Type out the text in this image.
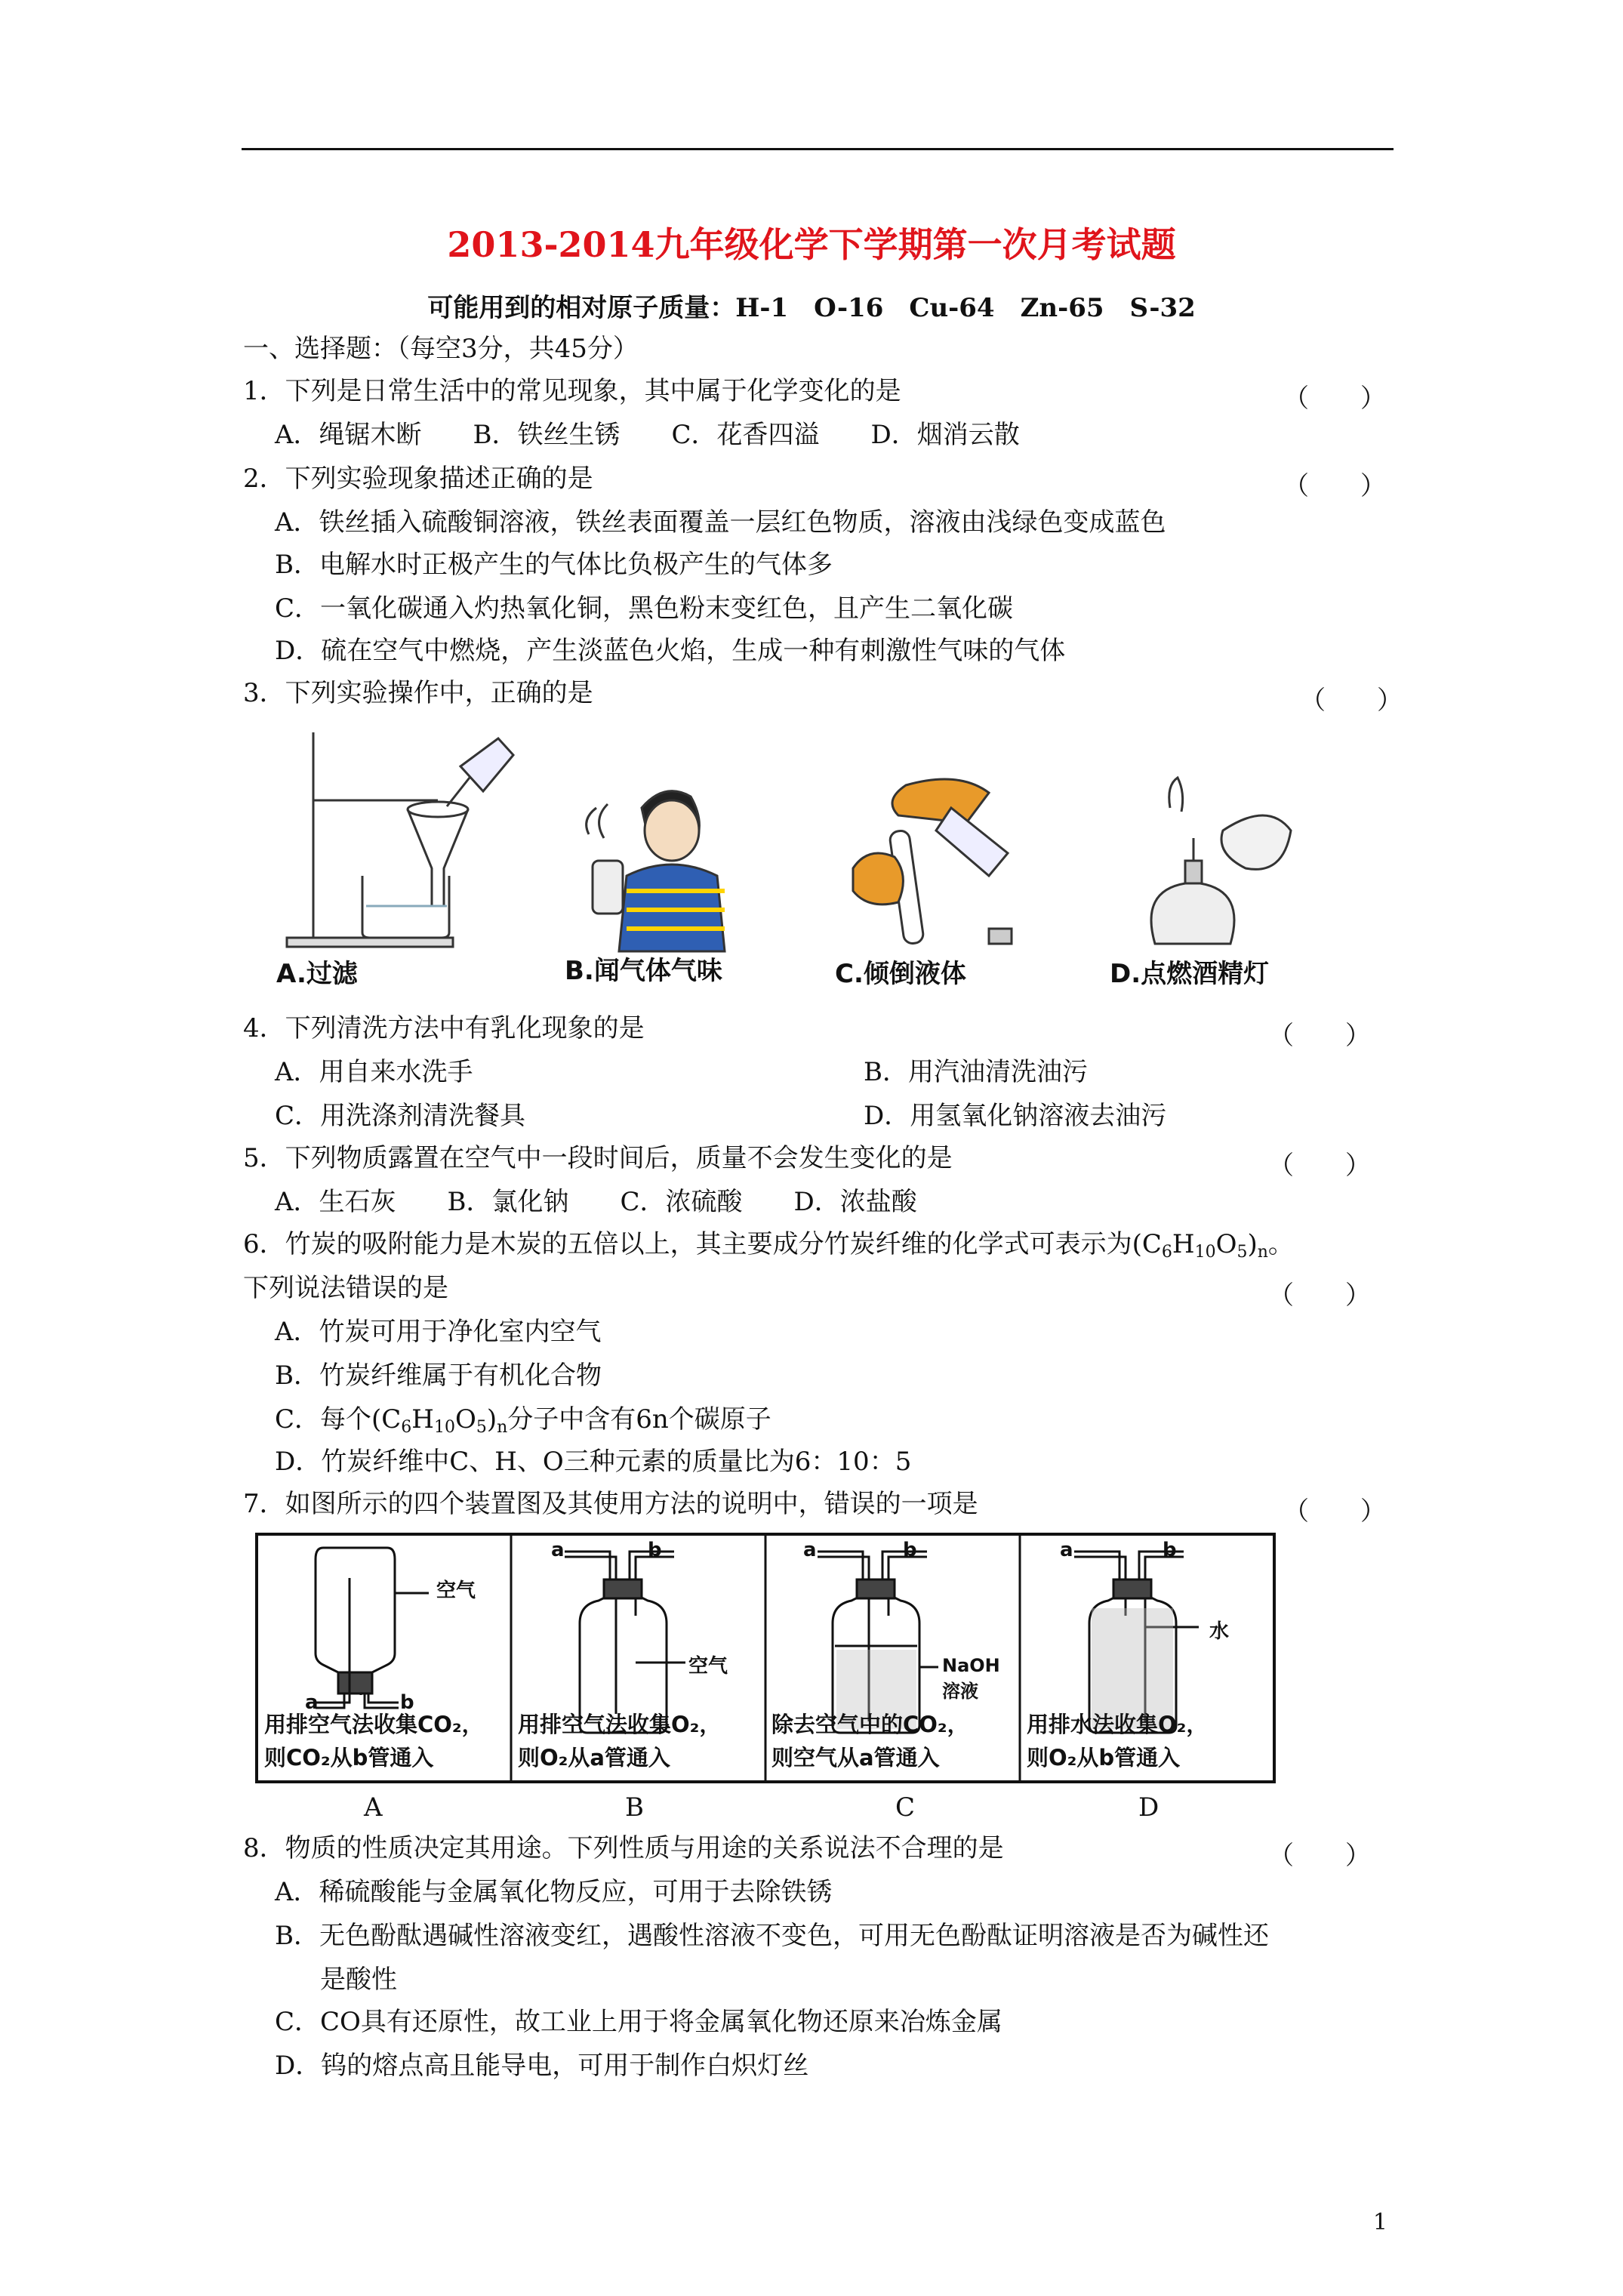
2013-2014九年级化学下学期第一次月考试题
可能用到的相对原子质量：H-1　O-16　Cu-64　Zn-65　S-32
一、选择题：（每空3分，共45分）
1．下列是日常生活中的常见现象，其中属于化学变化的是	（　　）
A．绳锯木断　　B．铁丝生锈　　C．花香四溢　　D．烟消云散
2．下列实验现象描述正确的是	（　　）
A．铁丝插入硫酸铜溶液，铁丝表面覆盖一层红色物质，溶液由浅绿色变成蓝色
B．电解水时正极产生的气体比负极产生的气体多
C．一氧化碳通入灼热氧化铜，黑色粉末变红色，且产生二氧化碳
D．硫在空气中燃烧，产生淡蓝色火焰，生成一种有刺激性气味的气体
3．下列实验操作中，正确的是	（　　）
A.过滤	B.闻气体气味	C.倾倒液体	D.点燃酒精灯
4．下列清洗方法中有乳化现象的是	（　　）
A．用自来水洗手	B．用汽油清洗油污
C．用洗涤剂清洗餐具	D．用氢氧化钠溶液去油污
5．下列物质露置在空气中一段时间后，质量不会发生变化的是	（　　）
A．生石灰　　B．氯化钠　　C．浓硫酸　　D．浓盐酸
6．竹炭的吸附能力是木炭的五倍以上，其主要成分竹炭纤维的化学式可表示为$(C_6H_{10}O_5)_n$。
下列说法错误的是	（　　）
A．竹炭可用于净化室内空气
B．竹炭纤维属于有机化合物
C．每个$(C_6H_{10}O_5)_n$分子中含有6n个碳原子
D．竹炭纤维中C、H、O三种元素的质量比为6：10：5
7．如图所示的四个装置图及其使用方法的说明中，错误的一项是	（　　）
空气
a	b
a	b
空气
a	b
NaOH
溶液
a	b
水
用排空气法收集CO₂，
则CO₂从b管通入
用排空气法收集O₂，
则O₂从a管通入
除去空气中的CO₂，
则空气从a管通入
用排水法收集O₂，
则O₂从b管通入
A	B	C	D
8．物质的性质决定其用途。下列性质与用途的关系说法不合理的是	（　　）
A．稀硫酸能与金属氧化物反应，可用于去除铁锈
B．无色酚酞遇碱性溶液变红，遇酸性溶液不变色，可用无色酚酞证明溶液是否为碱性还
是酸性
C．CO具有还原性，故工业上用于将金属氧化物还原来冶炼金属
D．钨的熔点高且能导电，可用于制作白炽灯丝
1
